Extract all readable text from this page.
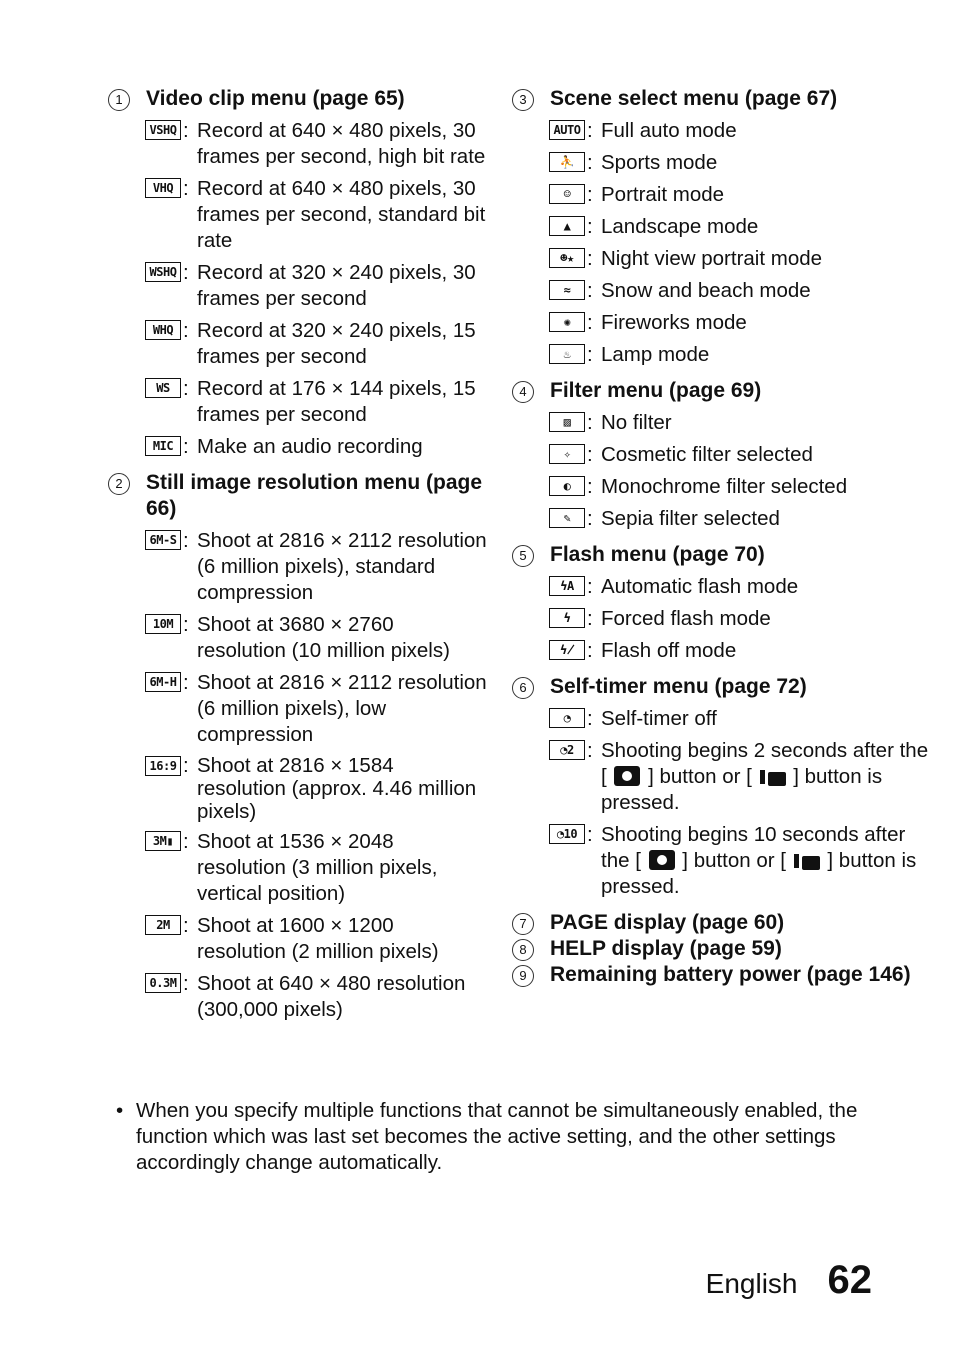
1	Video clip menu (page 65)
VSHQ : Record at 640 × 480 pixels, 30 frames per second, high bit rate
VHQ : Record at 640 × 480 pixels, 30 frames per second, standard bit rate
WSHQ : Record at 320 × 240 pixels, 30 frames per second
WHQ : Record at 320 × 240 pixels, 15 frames per second
WS : Record at 176 × 144 pixels, 15 frames per second
MIC : Make an audio recording
2	Still image resolution menu (page 66)
6M-S : Shoot at 2816 × 2112 resolution (6 million pixels), standard compression
10M : Shoot at 3680 × 2760 resolution (10 million pixels)
6M-H : Shoot at 2816 × 2112 resolution (6 million pixels), low compression
16:9 : Shoot at 2816 × 1584 resolution (approx. 4.46 million pixels)
3M▮ : Shoot at 1536 × 2048 resolution (3 million pixels, vertical position)
2M : Shoot at 1600 × 1200 resolution (2 million pixels)
0.3M : Shoot at 640 × 480 resolution (300,000 pixels)
3	Scene select menu (page 67)
AUTO : Full auto mode
⛹ : Sports mode
☺ : Portrait mode
▲ : Landscape mode
☻★ : Night view portrait mode
≈ : Snow and beach mode
✺ : Fireworks mode
♨ : Lamp mode
4	Filter menu (page 69)
▨ : No filter
✧ : Cosmetic filter selected
◐ : Monochrome filter selected
✎ : Sepia filter selected
5	Flash menu (page 70)
ϟA : Automatic flash mode
ϟ : Forced flash mode
ϟ̸ : Flash off mode
6	Self-timer menu (page 72)
◔ : Self-timer off
◔2 : Shooting begins 2 seconds after the [ ] button or [ ] button is pressed.
◔10 : Shooting begins 10 seconds after the [ ] button or [ ] button is pressed.
7	PAGE display (page 60)
8	HELP display (page 59)
9	Remaining battery power (page 146)
• When you specify multiple functions that cannot be simultaneously enabled, the function which was last set becomes the active setting, and the other settings accordingly change automatically.
English 62
